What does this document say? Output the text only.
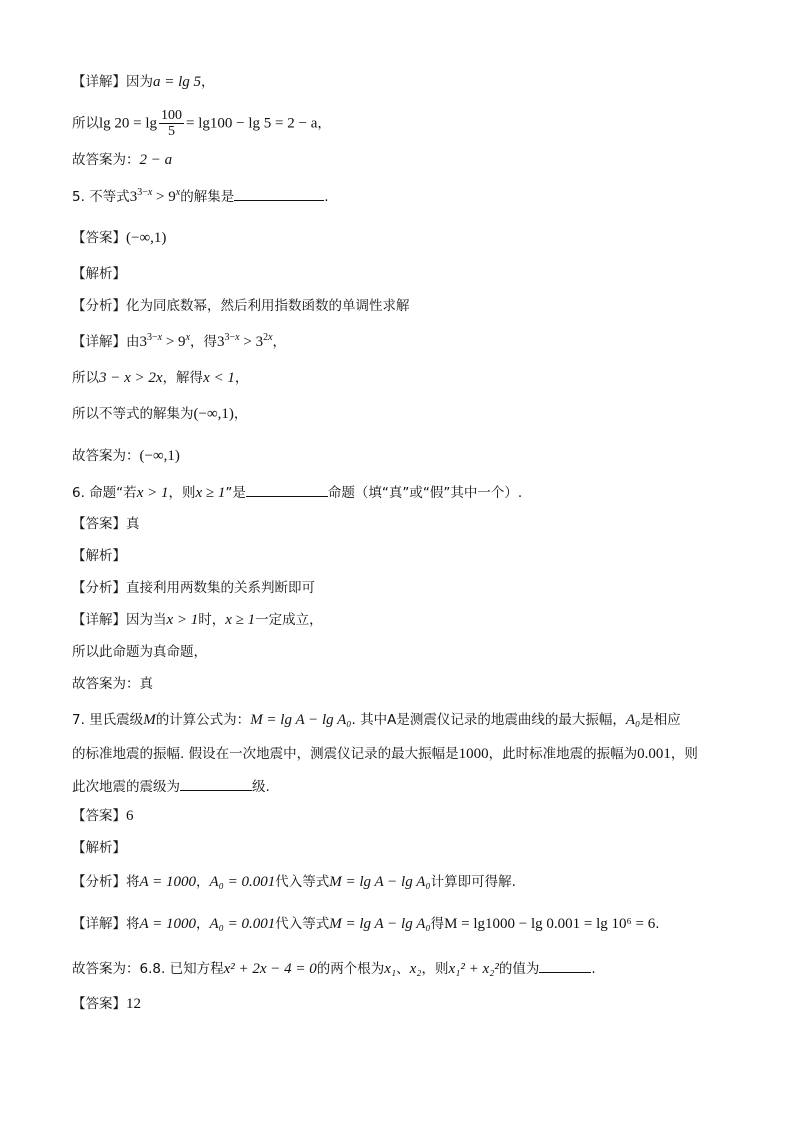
【详解】因为a = lg 5，
所以$\lg 20 = \lg \frac{100}{5} = \lg 100 - \lg 5 = 2 - a$，
故答案为：2 − a
5. 不等式$3^{3-x} > 9^x$的解集是	.
【答案】(−∞,1)
【解析】
【分析】化为同底数幂，然后利用指数函数的单调性求解
【详解】由$3^{3-x} > 9^x$，得$3^{3-x} > 3^{2x}$，
所以3 − x > 2x，解得x < 1，
所以不等式的解集为(−∞,1)，
故答案为：(−∞,1)
6. 命题“若x > 1，则x ≥ 1”是	命题（填“真”或“假”其中一个）.
【答案】真
【解析】
【分析】直接利用两数集的关系判断即可
【详解】因为当x > 1时，x ≥ 1一定成立，
所以此命题为真命题，
故答案为：真
7. 里氏震级M的计算公式为：M = lg A − lg A₀. 其中A是测震仪记录的地震曲线的最大振幅，A₀是相应
的标准地震的振幅. 假设在一次地震中，测震仪记录的最大振幅是1000，此时标准地震的振幅为0.001，则
此次地震的震级为	级.
【答案】6
【解析】
【分析】将A = 1000，A₀ = 0.001代入等式M = lg A − lg A₀计算即可得解.
【详解】将A = 1000，A₀ = 0.001代入等式M = lg A − lg A₀得M = lg1000 − lg 0.001 = lg 10⁶ = 6.
故答案为：6.8. 已知方程x² + 2x − 4 = 0的两个根为x₁、x₂，则x₁² + x₂²的值为	.
【答案】12
